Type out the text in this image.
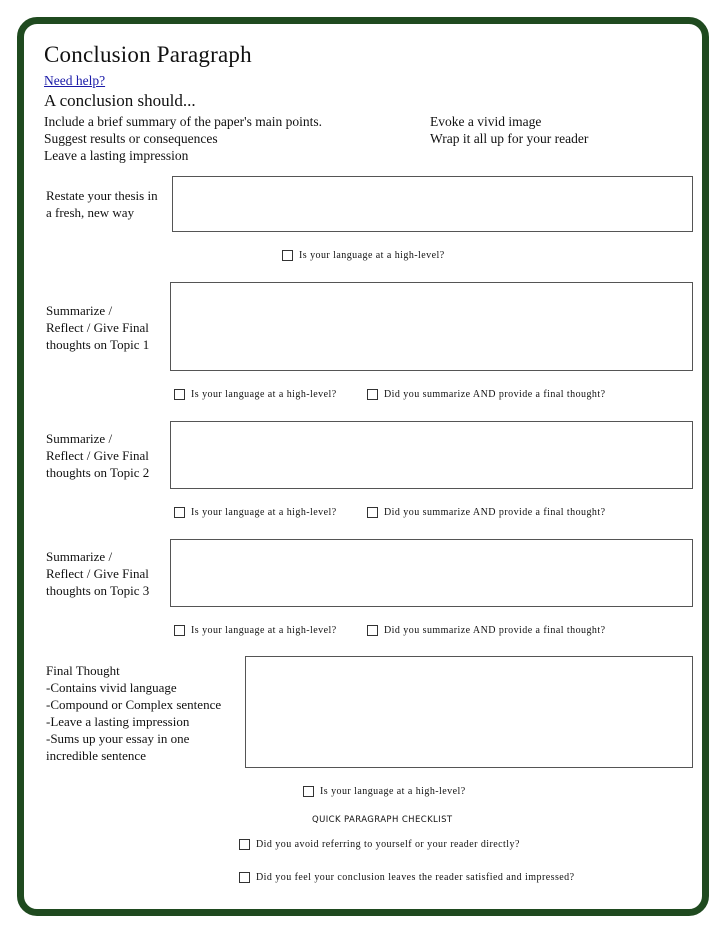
Conclusion Paragraph
Need help?
A conclusion should...
Include a brief summary of the paper's main points.
Suggest results or consequences
Leave a lasting impression
Evoke a vivid image
Wrap it all up for your reader
Restate your thesis in
a fresh, new way
Is your language at a high-level?
Summarize /
Reflect / Give Final
thoughts on Topic 1
Is your language at a high-level?	Did you summarize AND provide a final thought?
Summarize /
Reflect / Give Final
thoughts on Topic 2
Is your language at a high-level?	Did you summarize AND provide a final thought?
Summarize /
Reflect / Give Final
thoughts on Topic 3
Is your language at a high-level?	Did you summarize AND provide a final thought?
Final Thought
-Contains vivid language
-Compound or Complex sentence
-Leave a lasting impression
-Sums up your essay in one
incredible sentence
Is your language at a high-level?
QUICK PARAGRAPH CHECKLIST
Did you avoid referring to yourself or your reader directly?
Did you feel your conclusion leaves the reader satisfied and impressed?
